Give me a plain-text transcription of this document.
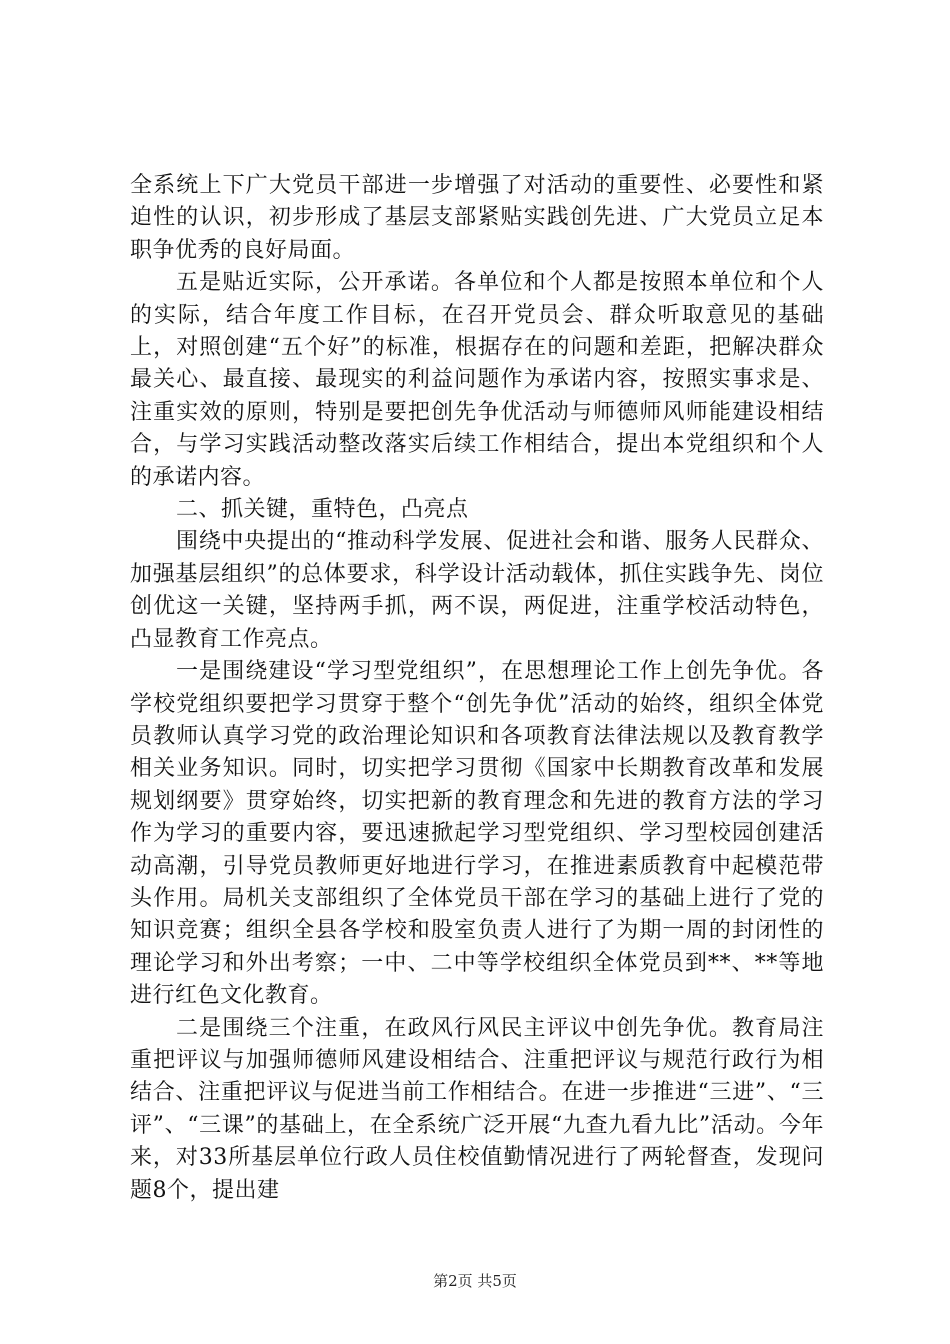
全系统上下广大党员干部进一步增强了对活动的重要性、必要性和紧迫性的认识，初步形成了基层支部紧贴实践创先进、广大党员立足本职争优秀的良好局面。

五是贴近实际，公开承诺。各单位和个人都是按照本单位和个人的实际，结合年度工作目标，在召开党员会、群众听取意见的基础上，对照创建“五个好”的标准，根据存在的问题和差距，把解决群众最关心、最直接、最现实的利益问题作为承诺内容，按照实事求是、注重实效的原则，特别是要把创先争优活动与师德师风师能建设相结合，与学习实践活动整改落实后续工作相结合，提出本党组织和个人的承诺内容。

二、抓关键，重特色，凸亮点

围绕中央提出的“推动科学发展、促进社会和谐、服务人民群众、加强基层组织”的总体要求，科学设计活动载体，抓住实践争先、岗位创优这一关键，坚持两手抓，两不误，两促进，注重学校活动特色，凸显教育工作亮点。

一是围绕建设“学习型党组织”，在思想理论工作上创先争优。各学校党组织要把学习贯穿于整个“创先争优”活动的始终，组织全体党员教师认真学习党的政治理论知识和各项教育法律法规以及教育教学相关业务知识。同时，切实把学习贯彻《国家中长期教育改革和发展规划纲要》贯穿始终，切实把新的教育理念和先进的教育方法的学习作为学习的重要内容，要迅速掀起学习型党组织、学习型校园创建活动高潮，引导党员教师更好地进行学习，在推进素质教育中起模范带头作用。局机关支部组织了全体党员干部在学习的基础上进行了党的知识竞赛；组织全县各学校和股室负责人进行了为期一周的封闭性的理论学习和外出考察；一中、二中等学校组织全体党员到**、**等地进行红色文化教育。

二是围绕三个注重，在政风行风民主评议中创先争优。教育局注重把评议与加强师德师风建设相结合、注重把评议与规范行政行为相结合、注重把评议与促进当前工作相结合。在进一步推进“三进”、“三评”、“三课”的基础上，在全系统广泛开展“九查九看九比”活动。今年来，对33所基层单位行政人员住校值勤情况进行了两轮督查，发现问题8个，提出建

第2页 共5页
